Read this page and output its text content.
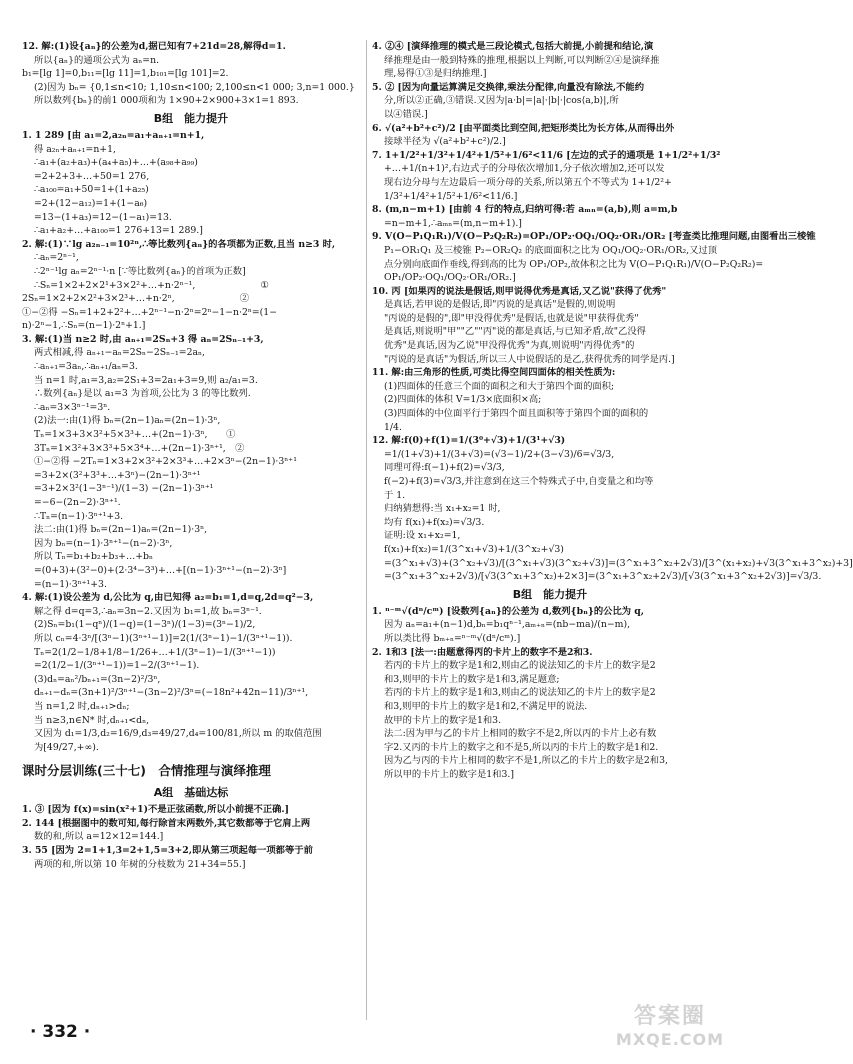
12. 解:(1)设{aₙ}的公差为d,据已知有7+21d=28,解得d=1.
所以{aₙ}的通项公式为 aₙ=n.
b₁=[lg 1]=0,b₁₁=[lg 11]=1,b₁₀₁=[lg 101]=2.
(2)因为 bₙ= {0,1≤n<10; 1,10≤n<100; 2,100≤n<1 000; 3,n=1 000.}
所以数列{bₙ}的前1 000项和为 1×90+2×900+3×1=1 893.
B组　能力提升
1. 1 289 [由 a₁=2,a₂ₙ=a₁+aₙ₊₁=n+1,
得 a₂ₙ+aₙ₊₁=n+1,
∴a₁+(a₂+a₃)+(a₄+a₅)+…+(a₉₈+a₉₉)
=2+2+3+…+50=1 276,
∴a₁₀₀=a₁+50=1+(1+a₂₅)
=2+(12−a₁₂)=1+(1−a₆)
=13−(1+a₃)=12−(1−a₁)=13.
∴a₁+a₂+…+a₁₀₀=1 276+13=1 289.]
2. 解:(1)∵lg a₂ₙ₋₁=10²ⁿ,∴等比数列{aₙ}的各项都为正数,且当 n≥3 时,
∴aₙ=2ⁿ⁻¹,
∴2ⁿ⁻¹lg aₙ=2ⁿ⁻¹·n [∵等比数列{aₙ}的首项为正数]
∴Sₙ=1×2+2×2¹+3×2²+…+n·2ⁿ⁻¹,　　　　　　　①
2Sₙ=1×2+2×2²+3×2³+…+n·2ⁿ,　　　　　　　②
①−②得 −Sₙ=1+2+2²+…+2ⁿ⁻¹−n·2ⁿ=2ⁿ−1−n·2ⁿ=(1−
n)·2ⁿ−1,∴Sₙ=(n−1)·2ⁿ+1.]
3. 解:(1)当 n≥2 时,由 aₙ₊₁=2Sₙ+3 得 aₙ=2Sₙ₋₁+3,
两式相减,得 aₙ₊₁−aₙ=2Sₙ−2Sₙ₋₁=2aₙ,
∴aₙ₊₁=3aₙ,∴aₙ₊₁/aₙ=3.
当 n=1 时,a₁=3,a₂=2S₁+3=2a₁+3=9,则 a₂/a₁=3.
∴数列{aₙ}是以 a₁=3 为首项,公比为 3 的等比数列.
∴aₙ=3×3ⁿ⁻¹=3ⁿ.
(2)法一:由(1)得 bₙ=(2n−1)aₙ=(2n−1)·3ⁿ,
Tₙ=1×3+3×3²+5×3³+…+(2n−1)·3ⁿ,　　①
3Tₙ=1×3²+3×3³+5×3⁴+…+(2n−1)·3ⁿ⁺¹,　②
①−②得 −2Tₙ=1×3+2×3²+2×3³+…+2×3ⁿ−(2n−1)·3ⁿ⁺¹
=3+2×(3²+3³+…+3ⁿ)−(2n−1)·3ⁿ⁺¹
=3+2×3²(1−3ⁿ⁻¹)/(1−3) −(2n−1)·3ⁿ⁺¹
=−6−(2n−2)·3ⁿ⁺¹.
∴Tₙ=(n−1)·3ⁿ⁺¹+3.
法二:由(1)得 bₙ=(2n−1)aₙ=(2n−1)·3ⁿ,
因为 bₙ=(n−1)·3ⁿ⁺¹−(n−2)·3ⁿ,
所以 Tₙ=b₁+b₂+b₃+…+bₙ
=(0+3)+(3²−0)+(2·3⁴−3³)+…+[(n−1)·3ⁿ⁺¹−(n−2)·3ⁿ]
=(n−1)·3ⁿ⁺¹+3.
4. 解:(1)设公差为 d,公比为 q,由已知得 a₂=b₁=1,d=q,2d=q²−3,
解之得 d=q=3,∴aₙ=3n−2.又因为 b₁=1,故 bₙ=3ⁿ⁻¹.
(2)Sₙ=b₁(1−qⁿ)/(1−q)=(1−3ⁿ)/(1−3)=(3ⁿ−1)/2,
所以 cₙ=4·3ⁿ/[(3ⁿ−1)(3ⁿ⁺¹−1)]=2(1/(3ⁿ−1)−1/(3ⁿ⁺¹−1)).
Tₙ=2(1/2−1/8+1/8−1/26+…+1/(3ⁿ−1)−1/(3ⁿ⁺¹−1))
=2(1/2−1/(3ⁿ⁺¹−1))=1−2/(3ⁿ⁺¹−1).
(3)dₙ=aₙ²/bₙ₊₁=(3n−2)²/3ⁿ,
dₙ₊₁−dₙ=(3n+1)²/3ⁿ⁺¹−(3n−2)²/3ⁿ=(−18n²+42n−11)/3ⁿ⁺¹,
当 n=1,2 时,dₙ₊₁>dₙ;
当 n≥3,n∈N* 时,dₙ₊₁<dₙ,
又因为 d₁=1/3,d₂=16/9,d₃=49/27,d₄=100/81,所以 m 的取值范围
为[49/27,+∞).
课时分层训练(三十七)　合情推理与演绎推理
A组　基础达标
1. ③ [因为 f(x)=sin(x²+1)不是正弦函数,所以小前提不正确.]
2. 144 [根据图中的数可知,每行除首末两数外,其它数都等于它肩上两
数的和,所以 a=12×12=144.]
3. 55 [因为 2=1+1,3=2+1,5=3+2,即从第三项起每一项都等于前
两项的和,所以第 10 年树的分枝数为 21+34=55.]
4. ②④ [演绎推理的模式是三段论模式,包括大前提,小前提和结论,演
绎推理是由一般到特殊的推理,根据以上判断,可以判断②④是演绎推
理,易得①③是归纳推理.]
5. ② [因为向量运算满足交换律,乘法分配律,向量没有除法,不能约
分,所以②正确,③错误.又因为|a·b|=|a|·|b|·|cos⟨a,b⟩|,所
以④错误.]
6. √(a²+b²+c²)/2 [由平面类比到空间,把矩形类比为长方体,从而得出外
接球半径为 √(a²+b²+c²)/2.]
7. 1+1/2²+1/3²+1/4²+1/5²+1/6²<11/6 [左边的式子的通项是 1+1/2²+1/3²
+…+1/(n+1)²,右边式子的分母依次增加1,分子依次增加2,还可以发
现右边分母与左边最后一项分母的关系,所以第五个不等式为 1+1/2²+
1/3²+1/4²+1/5²+1/6²<11/6.]
8. (m,n−m+1) [由前 4 行的特点,归纳可得:若 aₘₙ=(a,b),则 a=m,b
=n−m+1,∴aₘₙ=(m,n−m+1).]
9. V(O−P₁Q₁R₁)/V(O−P₂Q₂R₂)=OP₁/OP₂·OQ₁/OQ₂·OR₁/OR₂ [考查类比推理问题,由图看出三棱锥
P₁−OR₁Q₁ 及三棱锥 P₂−OR₂Q₂ 的底面面积之比为 OQ₁/OQ₂·OR₁/OR₂,又过顶
点分别向底面作垂线,得到高的比为 OP₁/OP₂,故体积之比为 V(O−P₁Q₁R₁)/V(O−P₂Q₂R₂)=
OP₁/OP₂·OQ₁/OQ₂·OR₁/OR₂.]
10. 丙 [如果丙的说法是假话,则甲说得优秀是真话,又乙说"获得了优秀"
是真话,若甲说的是假话,即"丙说的是真话"是假的,则说明
"丙说的是假的",即"甲没得优秀"是假话,也就是说"甲获得优秀"
是真话,则说明"甲""乙""丙"说的都是真话,与已知矛盾,故"乙没得
优秀"是真话,因为乙说"甲没得优秀"为真,则说明"丙得优秀"的
"丙说的是真话"为假话,所以三人中说假话的是乙,获得优秀的同学是丙.]
11. 解:由三角形的性质,可类比得空间四面体的相关性质为:
(1)四面体的任意三个面的面积之和大于第四个面的面积;
(2)四面体的体积 V=1/3×底面积×高;
(3)四面体的中位面平行于第四个面且面积等于第四个面的面积的
1/4.
12. 解:f(0)+f(1)=1/(3⁰+√3)+1/(3¹+√3)
=1/(1+√3)+1/(3+√3)=(√3−1)/2+(3−√3)/6=√3/3,
同理可得:f(−1)+f(2)=√3/3,
f(−2)+f(3)=√3/3,并注意到在这三个特殊式子中,自变量之和均等
于 1.
归纳猜想得:当 x₁+x₂=1 时,
均有 f(x₁)+f(x₂)=√3/3.
证明:设 x₁+x₂=1,
f(x₁)+f(x₂)=1/(3^x₁+√3)+1/(3^x₂+√3)
=(3^x₁+√3)+(3^x₂+√3)/[(3^x₁+√3)(3^x₂+√3)]=(3^x₁+3^x₂+2√3)/[3^(x₁+x₂)+√3(3^x₁+3^x₂)+3]
=(3^x₁+3^x₂+2√3)/[√3(3^x₁+3^x₂)+2×3]=(3^x₁+3^x₂+2√3)/[√3(3^x₁+3^x₂+2√3)]=√3/3.
B组　能力提升
1. ⁿ⁻ᵐ√(dⁿ/cᵐ) [设数列{aₙ}的公差为 d,数列{bₙ}的公比为 q,
因为 aₙ=a₁+(n−1)d,bₙ=b₁qⁿ⁻¹,aₘ₊ₙ=(nb−ma)/(n−m),
所以类比得 bₘ₊ₙ=ⁿ⁻ᵐ√(dⁿ/cᵐ).]
2. 1和3 [法一:由题意得丙的卡片上的数字不是2和3.
若丙的卡片上的数字是1和2,则由乙的说法知乙的卡片上的数字是2
和3,则甲的卡片上的数字是1和3,满足题意;
若丙的卡片上的数字是1和3,则由乙的说法知乙的卡片上的数字是2
和3,则甲的卡片上的数字是1和2,不满足甲的说法.
故甲的卡片上的数字是1和3.
法二:因为甲与乙的卡片上相同的数字不是2,所以丙的卡片上必有数
字2.又丙的卡片上的数字之和不是5,所以丙的卡片上的数字是1和2.
因为乙与丙的卡片上相同的数字不是1,所以乙的卡片上的数字是2和3,
所以甲的卡片上的数字是1和3.]
· 332 ·
答案圈
MXQE.COM
